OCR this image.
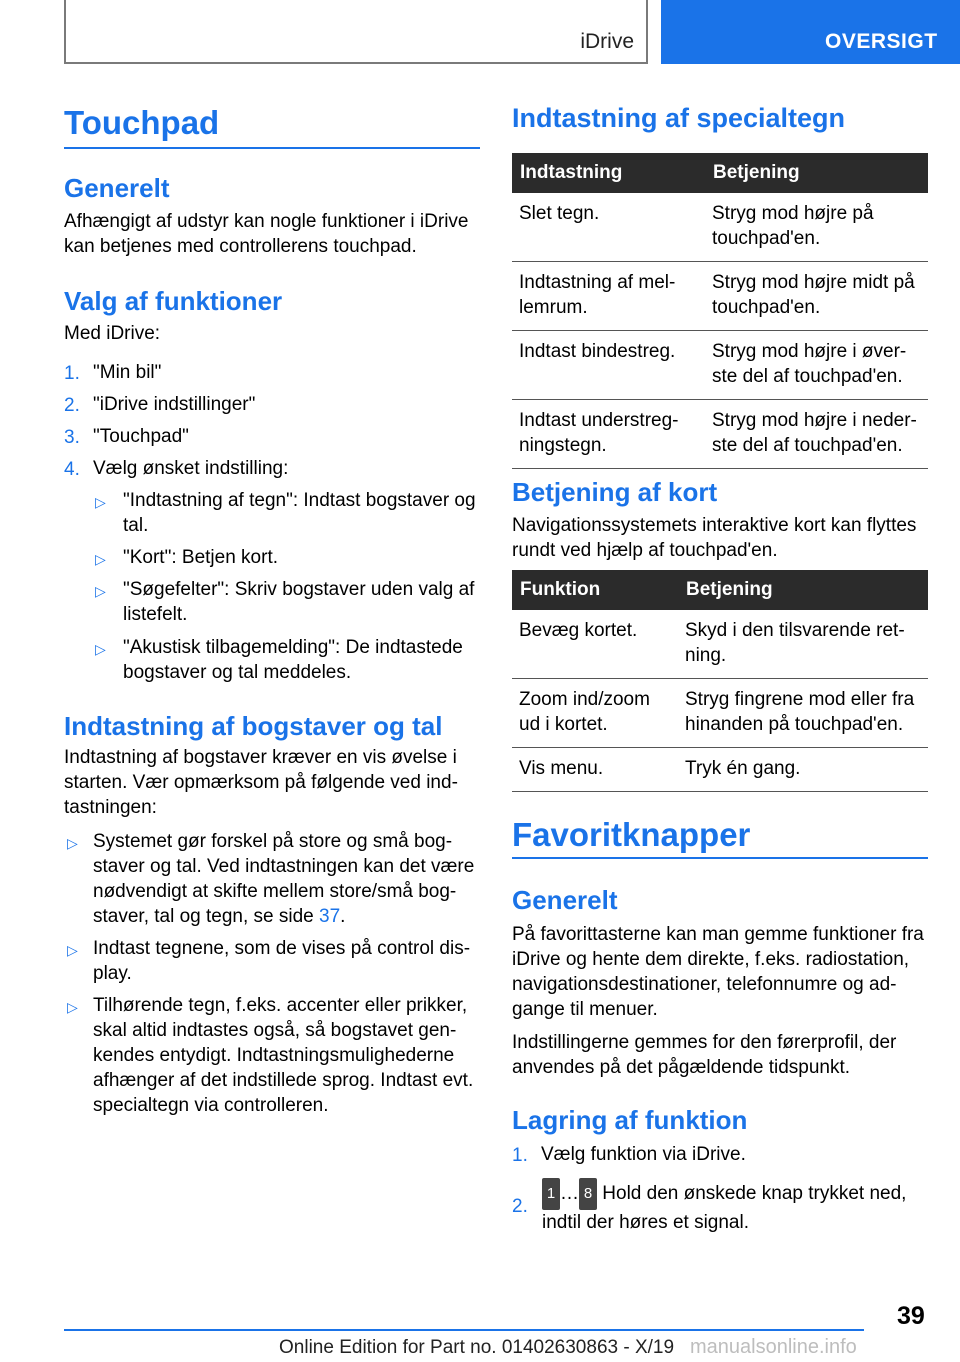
iDrive	OVERSIGT
Touchpad
Generelt

Afhængigt af udstyr kan nogle funktioner i iDrive
kan betjenes med controllerens touchpad.

Valg af funktioner

Med iDrive:

1. "Min bil"
2. "iDrive indstillinger"
3. "Touchpad"
4. Vælg ønsket indstilling:
▷ "Indtastning af tegn": Indtast bogstaver og
tal.
▷ "Kort": Betjen kort.
▷ "Søgefelter": Skriv bogstaver uden valg af
listefelt.
▷ "Akustisk tilbagemelding": De indtastede
bogstaver og tal meddeles.
Indtastning af bogstaver og tal

Indtastning af bogstaver kræver en vis øvelse i
starten. Vær opmærksom på følgende ved ind-
tastningen:

▷ Systemet gør forskel på store og små bog-
staver og tal. Ved indtastningen kan det være
nødvendigt at skifte mellem store/små bog-
staver, tal og tegn, se side 37.
▷ Indtast tegnene, som de vises på control dis-
play.
▷ Tilhørende tegn, f.eks. accenter eller prikker,
skal altid indtastes også, så bogstavet gen-
kendes entydigt. Indtastningsmulighederne
afhænger af det indstillede sprog. Indtast evt.
specialtegn via controlleren.
Indtastning af specialtegn
Indtastning	Betjening
Slet tegn.	Stryg mod højre på
touchpad'en.
Indtastning af mel-
lemrum.	Stryg mod højre midt på
touchpad'en.
Indtast bindestreg.	Stryg mod højre i øver-
ste del af touchpad'en.
Indtast understreg-
ningstegn.	Stryg mod højre i neder-
ste del af touchpad'en.
Betjening af kort

Navigationssystemets interaktive kort kan flyttes
rundt ved hjælp af touchpad'en.

Funktion	Betjening
Bevæg kortet.	Skyd i den tilsvarende ret-
ning.
Zoom ind/zoom
ud i kortet.	Stryg fingrene mod eller fra
hinanden på touchpad'en.
Vis menu.	Tryk én gang.
Favoritknapper
Generelt

På favorittasterne kan man gemme funktioner fra
iDrive og hente dem direkte, f.eks. radiostation,
navigationsdestinationer, telefonnumre og ad-
gange til menuer.

Indstillingerne gemmes for den førerprofil, der
anvendes på det pågældende tidspunkt.

Lagring af funktion
1. Vælg funktion via iDrive.
2.
1 … 8 Hold den ønskede knap trykket ned,
indtil der høres et signal.
39
Online Edition for Part no. 01402630863 - X/19 manualsonline.info
